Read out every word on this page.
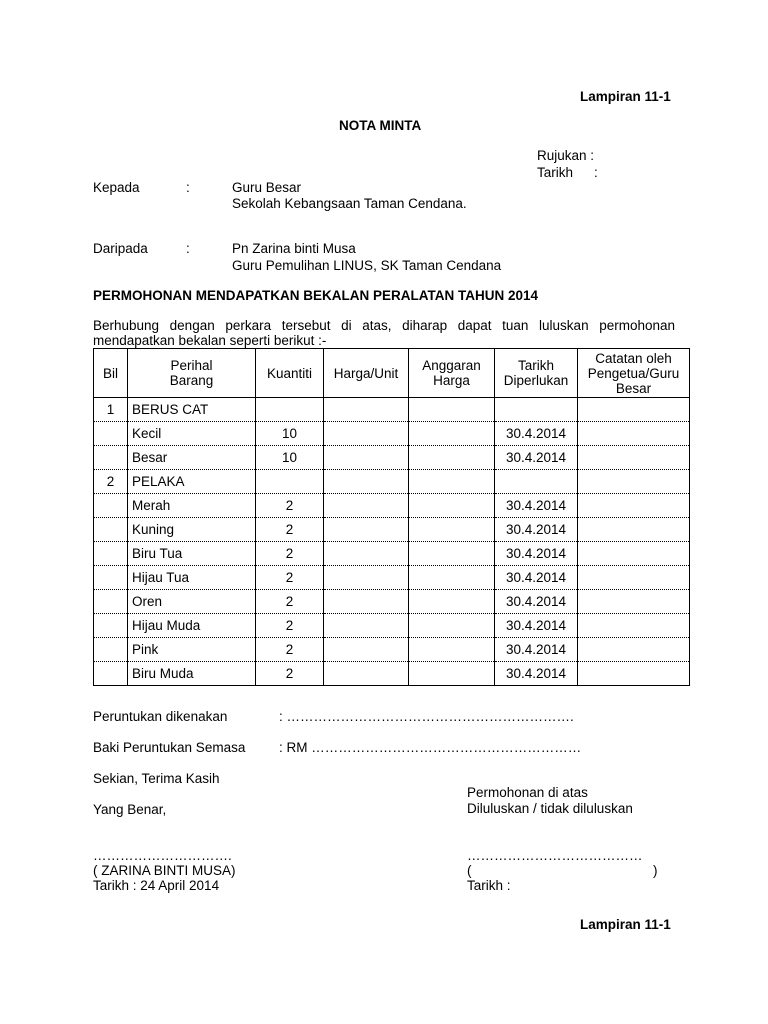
Lampiran 11-1
NOTA MINTA
Rujukan :
Tarikh :
Kepada	:	Guru Besar
Sekolah Kebangsaan Taman Cendana.
Daripada	:	Pn Zarina binti Musa
Guru Pemulihan LINUS, SK Taman Cendana
PERMOHONAN MENDAPATKAN BEKALAN PERALATAN TAHUN 2014
Berhubung dengan perkara tersebut di atas, diharap dapat tuan luluskan permohonan mendapatkan bekalan seperti berikut :-
Bil	Perihal Barang	Kuantiti	Harga/Unit	Anggaran Harga	Tarikh Diperlukan	Catatan oleh Pengetua/Guru Besar
1	BERUS CAT					
	Kecil	10			30.4.2014	
	Besar	10			30.4.2014	
2	PELAKA					
	Merah	2			30.4.2014	
	Kuning	2			30.4.2014	
	Biru Tua	2			30.4.2014	
	Hijau Tua	2			30.4.2014	
	Oren	2			30.4.2014	
	Hijau Muda	2			30.4.2014	
	Pink	2			30.4.2014	
	Biru Muda	2			30.4.2014	
Peruntukan dikenakan	: ……………………………………………………….
Baki Peruntukan Semasa : RM ……………………………………………………
Sekian, Terima Kasih
Yang Benar,
………………………….
( ZARINA BINTI MUSA)
Tarikh : 24 April 2014
Permohonan di atas
Diluluskan / tidak diluluskan
…………………………………
(	)
Tarikh :
Lampiran 11-1
